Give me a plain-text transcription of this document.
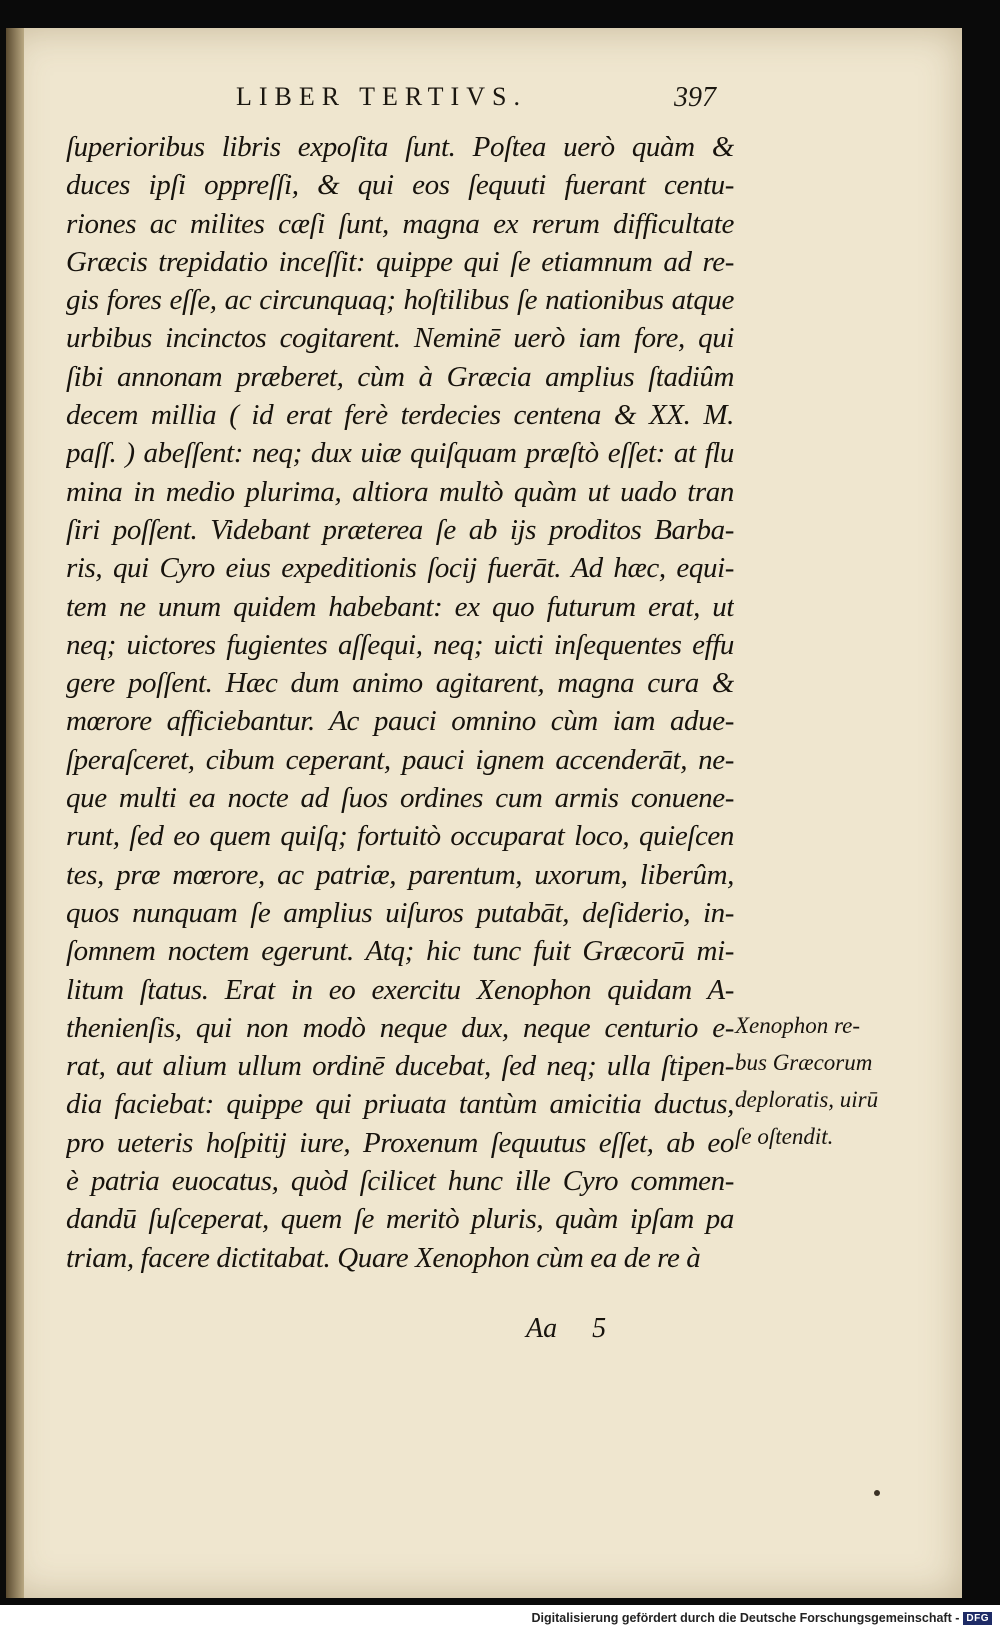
LIBER TERTIVS.	397
ſuperioribus libris expoſita ſunt. Poſtea uerò quàm &
duces ipſi oppreſſi, & qui eos ſequuti fuerant centu-
riones ac milites cæſi ſunt, magna ex rerum difficultate
Græcis trepidatio inceſſit: quippe qui ſe etiamnum ad re-
gis fores eſſe, ac circunquaq; hoſtilibus ſe nationibus atque
urbibus incinctos cogitarent. Neminē uerò iam fore, qui
ſibi annonam præberet, cùm à Græcia amplius ſtadiûm
decem millia ( id erat ferè terdecies centena & XX. M.
paſſ. ) abeſſent: neq; dux uiæ quiſquam præſtò eſſet: at flu
mina in medio plurima, altiora multò quàm ut uado tran
ſiri poſſent. Videbant præterea ſe ab ijs proditos Barba-
ris, qui Cyro eius expeditionis ſocij fuerāt. Ad hæc, equi-
tem ne unum quidem habebant: ex quo futurum erat, ut
neq; uictores fugientes aſſequi, neq; uicti inſequentes effu
gere poſſent. Hæc dum animo agitarent, magna cura &
mœrore afficiebantur. Ac pauci omnino cùm iam adue-
ſperaſceret, cibum ceperant, pauci ignem accenderāt, ne-
que multi ea nocte ad ſuos ordines cum armis conuene-
runt, ſed eo quem quiſq; fortuitò occuparat loco, quieſcen
tes, præ mœrore, ac patriæ, parentum, uxorum, liberûm,
quos nunquam ſe amplius uiſuros putabāt, deſiderio, in-
ſomnem noctem egerunt. Atq; hic tunc fuit Græcorū mi-
litum ſtatus. Erat in eo exercitu Xenophon quidam A-
thenienſis, qui non modò neque dux, neque centurio e-
rat, aut alium ullum ordinē ducebat, ſed neq; ulla ſtipen-
dia faciebat: quippe qui priuata tantùm amicitia ductus,
pro ueteris hoſpitij iure, Proxenum ſequutus eſſet, ab eo
è patria euocatus, quòd ſcilicet hunc ille Cyro commen-
dandū ſuſceperat, quem ſe meritò pluris, quàm ipſam pa
triam, facere dictitabat. Quare Xenophon cùm ea de re à
Xenophon re-
bus Græcorum
deploratis, uirū
ſe oſtendit.
Aa 5
Digitalisierung gefördert durch die Deutsche Forschungsgemeinschaft - DFG
